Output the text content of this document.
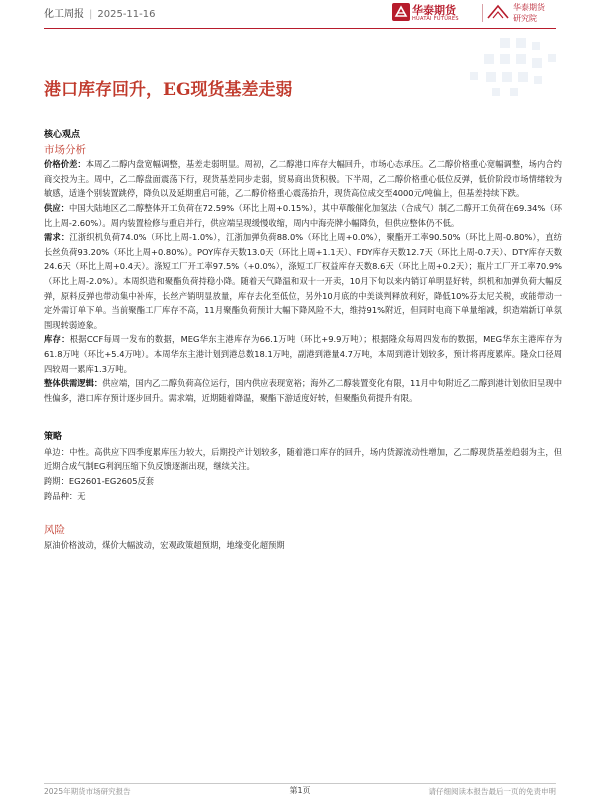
化工周报 | 2025-11-16	华泰期货
HUATAI FUTURES
华泰期货
研究院
港口库存回升，EG现货基差走弱

核心观点

市场分析

价格价差：本周乙二醇内盘宽幅调整，基差走弱明显。周初，乙二醇港口库存大幅回升，市场心态承压。乙二醇价格重心宽幅调整，场内合约商交投为主。周中，乙二醇盘面震荡下行，现货基差同步走弱，贸易商出货积极。下半周，乙二醇价格重心低位反弹，低价阶段市场情绪较为敏感，适逢个别装置跳停，降负以及延期重启可能，乙二醇价格重心震荡抬升，现货高位成交至4000元/吨偏上，但基差持续下跌。

供应：中国大陆地区乙二醇整体开工负荷在72.59%（环比上周+0.15%），其中草酸催化加氢法（合成气）制乙二醇开工负荷在69.34%（环比上周-2.60%）。周内装置检修与重启并行，供应端呈现缓慢收缩，周内中海壳牌小幅降负，但供应整体仍不低。

需求：江浙织机负荷74.0%（环比上周-1.0%），江浙加弹负荷88.0%（环比上周+0.0%），聚酯开工率90.50%（环比上周-0.80%），直纺长丝负荷93.20%（环比上周+0.80%）。POY库存天数13.0天（环比上周+1.1天）、FDY库存天数12.7天（环比上周-0.7天）、DTY库存天数24.6天（环比上周+0.4天）。涤短工厂开工率97.5%（+0.0%），涤短工厂权益库存天数8.6天（环比上周+0.2天）；瓶片工厂开工率70.9%（环比上周-2.0%）。本周织造和聚酯负荷持稳小降。随着天气降温和双十一开卖，10月下旬以来内销订单明显好转，织机和加弹负荷大幅反弹，原料反弹也带动集中补库，长丝产销明显放量，库存去化至低位，另外10月底的中美谈判释放利好，降低10%芬太尼关税，或能带动一定外需订单下单。当前聚酯工厂库存不高，11月聚酯负荷预计大幅下降风险不大，维持91%附近，但同时电商下单量缩减，织造端新订单氛围现转弱迹象。

库存：根据CCF每周一发布的数据，MEG华东主港库存为66.1万吨（环比+9.9万吨）；根据隆众每周四发布的数据，MEG华东主港库存为61.8万吨（环比+5.4万吨）。本周华东主港计划到港总数18.1万吨，副港到港量4.7万吨，本周到港计划较多，预计将再度累库。隆众口径周四较周一累库1.3万吨。

整体供需逻辑：供应端，国内乙二醇负荷高位运行，国内供应表现宽裕；海外乙二醇装置变化有限，11月中旬附近乙二醇到港计划依旧呈现中性偏多，港口库存预计逐步回升。需求端，近期随着降温，聚酯下游适度好转，但聚酯负荷提升有限。

策略

单边：中性。高供应下四季度累库压力较大，后期投产计划较多，随着港口库存的回升，场内货源流动性增加，乙二醇现货基差趋弱为主，但近期合成气制EG利润压缩下负反馈逐渐出现，继续关注。

跨期：EG2601-EG2605反套

跨品种：无

风险

原油价格波动，煤价大幅波动，宏观政策超预期，地缘变化超预期

2025年期货市场研究报告	第1页	请仔细阅读本报告最后一页的免责申明
